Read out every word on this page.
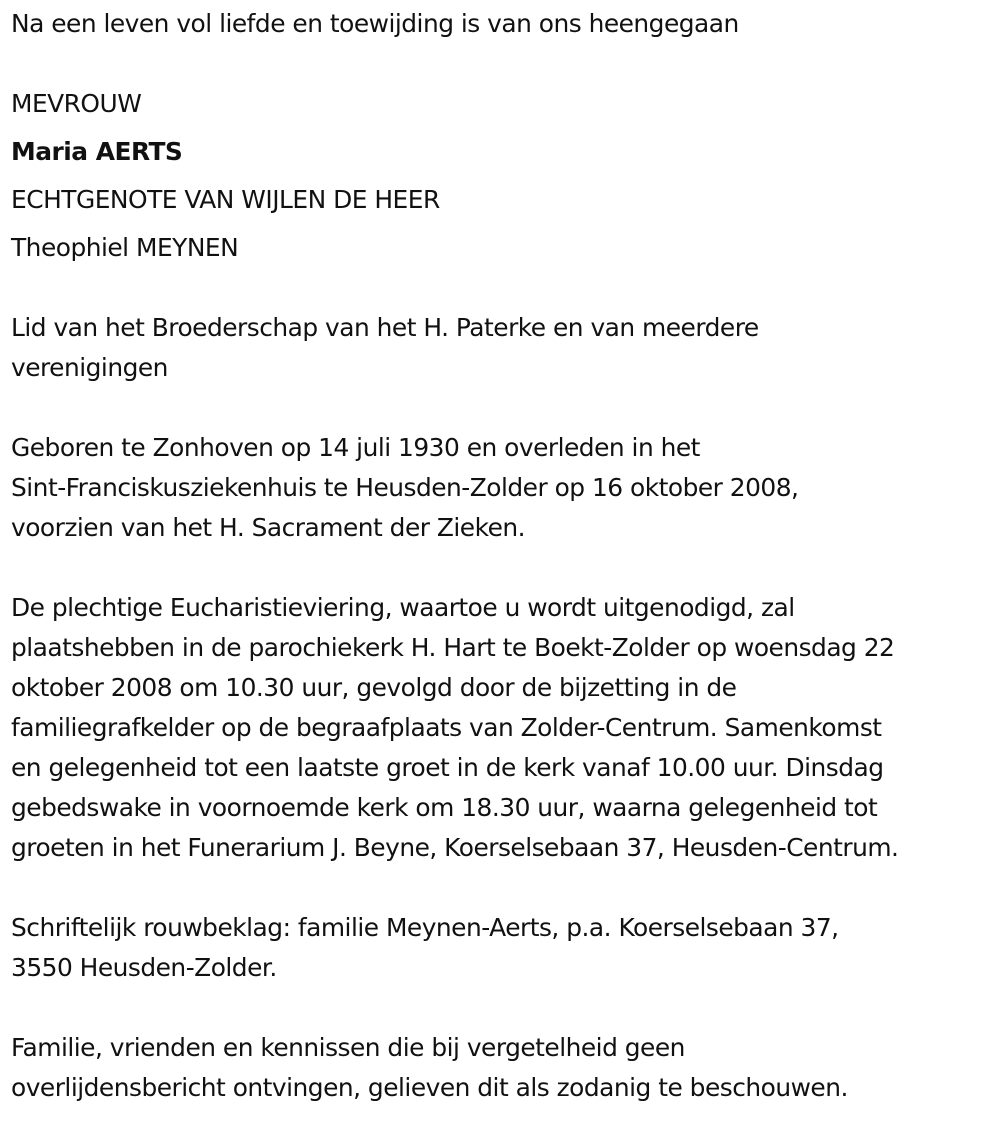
Na een leven vol liefde en toewijding is van ons heengegaan

MEVROUW

Maria AERTS

ECHTGENOTE VAN WIJLEN DE HEER

Theophiel MEYNEN

Lid van het Broederschap van het H. Paterke en van meerdere

verenigingen

Geboren te Zonhoven op 14 juli 1930 en overleden in het

Sint-Franciskusziekenhuis te Heusden-Zolder op 16 oktober 2008,

voorzien van het H. Sacrament der Zieken.

De plechtige Eucharistieviering, waartoe u wordt uitgenodigd, zal

plaatshebben in de parochiekerk H. Hart te Boekt-Zolder op woensdag 22

oktober 2008 om 10.30 uur, gevolgd door de bijzetting in de

familiegrafkelder op de begraafplaats van Zolder-Centrum. Samenkomst

en gelegenheid tot een laatste groet in de kerk vanaf 10.00 uur. Dinsdag

gebedswake in voornoemde kerk om 18.30 uur, waarna gelegenheid tot

groeten in het Funerarium J. Beyne, Koerselsebaan 37, Heusden-Centrum.

Schriftelijk rouwbeklag: familie Meynen-Aerts, p.a. Koerselsebaan 37,

3550 Heusden-Zolder.

Familie, vrienden en kennissen die bij vergetelheid geen

overlijdensbericht ontvingen, gelieven dit als zodanig te beschouwen.
